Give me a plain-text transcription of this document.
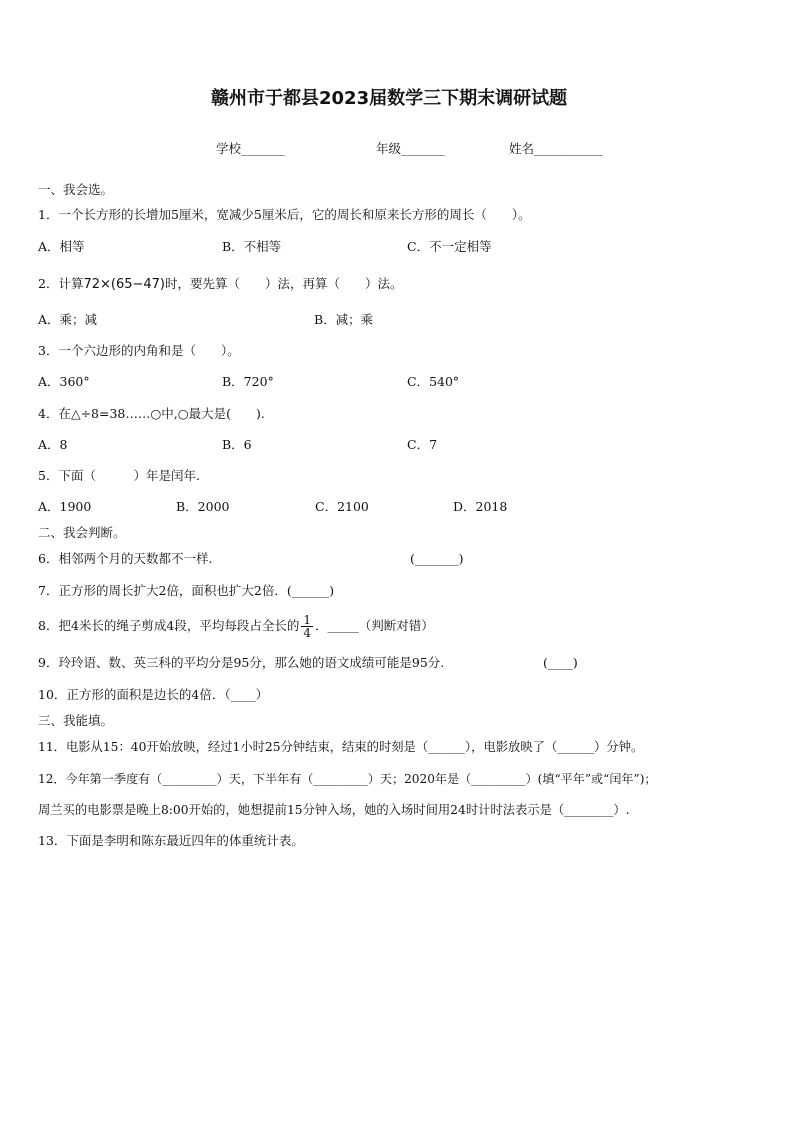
赣州市于都县2023届数学三下期末调研试题
学校_______	年级_______	姓名___________
一、我会选。
1．一个长方形的长增加5厘米，宽减少5厘米后，它的周长和原来长方形的周长（　　）。
A．相等	B．不相等	C．不一定相等
2．计算72×(65−47)时，要先算（　　）法，再算（　　）法。
A．乘；减	B．减；乘
3．一个六边形的内角和是（　　）。
A．360°	B．720°	C．540°
4．在△÷8=38……○中,○最大是(　　).
A．8	B．6	C．7
5．下面（　　　）年是闰年.
A．1900	B．2000	C．2100	D．2018
二、我会判断。
6．相邻两个月的天数都不一样.	(_______)
7．正方形的周长扩大2倍，面积也扩大2倍．(______)
8．把4米长的绳子剪成4段，平均每段占全长的 $\frac{1}{4}$ ．_____（判断对错）
9．玲玲语、数、英三科的平均分是95分，那么她的语文成绩可能是95分.	(____)
10．正方形的面积是边长的4倍．（____）
三、我能填。
11．电影从15：40开始放映，经过1小时25分钟结束，结束的时刻是（______），电影放映了（______）分钟。
12．今年第一季度有（_________）天，下半年有（_________）天；2020年是（_________）(填“平年”或“闰年”)；
周兰买的电影票是晚上8:00开始的，她想提前15分钟入场，她的入场时间用24时计时法表示是（________）.
13．下面是李明和陈东最近四年的体重统计表。
